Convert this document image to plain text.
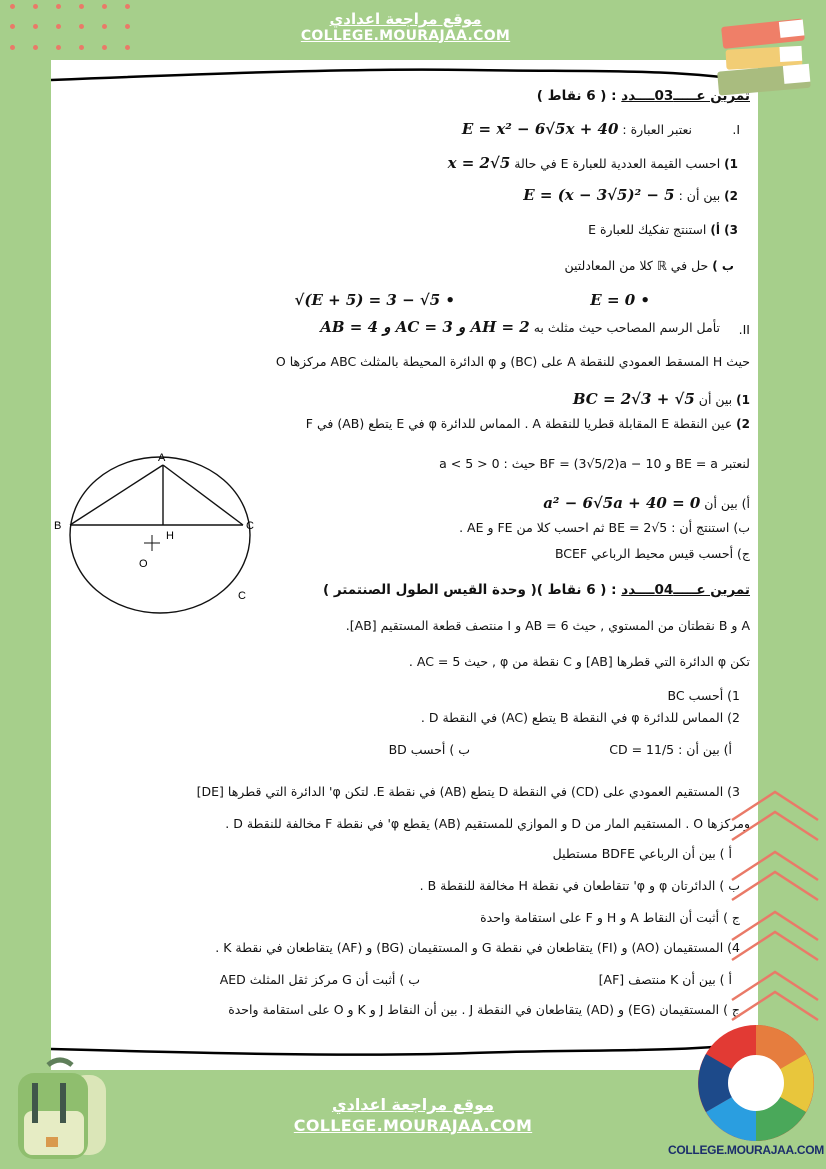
موقع مراجعة اعدادي
COLLEGE.MOURAJAA.COM
تمرين عـــــ03ــــدد : ( 6 نقاط )
I.
نعتبر العبارة : E = x² − 6√5x + 40
1) احسب القيمة العددية للعبارة E في حالة x = 2√5
2) بين أن : E = (x − 3√5)² − 5
3) أ) استنتج تفكيك للعبارة E
ب ) حل في ℝ كلا من المعادلتين
E = 0 •
√(E + 5) = 3 − √5 •
II.
تأمل الرسم المصاحب حيث مثلث به AB = 4 و AC = 3 و AH = 2
حيث H المسقط العمودي للنقطة A على (BC) و φ الدائرة المحيطة بالمثلث ABC مركزها O
1) بين أن BC = 2√3 + √5
2) عين النقطة E المقابلة قطريا للنقطة A . المماس للدائرة φ في E يتطع (AB) في F
لنعتبر BE = a و BF = (3√5/2)a − 10 حيث : 0 < a < 5
أ) بين أن a² − 6√5a + 40 = 0
ب) استنتج أن : BE = 2√5 ثم احسب كلا من FE و AE .
ج) أحسب قيس محيط الرباعي BCEF
تمرين عـــــ04ــــدد : ( 6 نقاط )( وحدة القيس الطول الصنتمتر )
A و B نقطتان من المستوي , حيث AB = 6 و I منتصف قطعة المستقيم [AB].
تكن φ الدائرة التي قطرها [AB] و C نقطة من φ , حيث AC = 5 .
1) أحسب BC
2) المماس للدائرة φ في النقطة B يتطع (AC) في النقطة D .
أ) بين أن : CD = 11/5
ب ) أحسب BD
3) المستقيم العمودي على (CD) في النقطة D يتطع (AB) في نقطة E. لتكن φ' الدائرة التي قطرها [DE]
ومركزها O . المستقيم المار من D و الموازي للمستقيم (AB) يقطع φ' في نقطة F مخالفة للنقطة D .
أ ) بين أن الرباعي BDFE مستطيل
ب ) الدائرتان φ و φ' تتقاطعان في نقطة H مخالفة للنقطة B .
ج ) أثبت أن النقاط A و H و F على استقامة واحدة
4) المستقيمان (AO) و (FI) يتقاطعان في نقطة G و المستقيمان (BG) و (AF) يتقاطعان في نقطة K .
أ ) بين أن K منتصف [AF]
ب ) أثبت أن G مركز ثقل المثلث AED
ج ) المستقيمان (EG) و (AD) يتقاطعان في النقطة J . بين أن النقاط J و K و O على استقامة واحدة
A
B	C
H
O
C
COLLEGE.MOURAJAA.COM
موقع مراجعة اعدادي
COLLEGE.MOURAJAA.COM
